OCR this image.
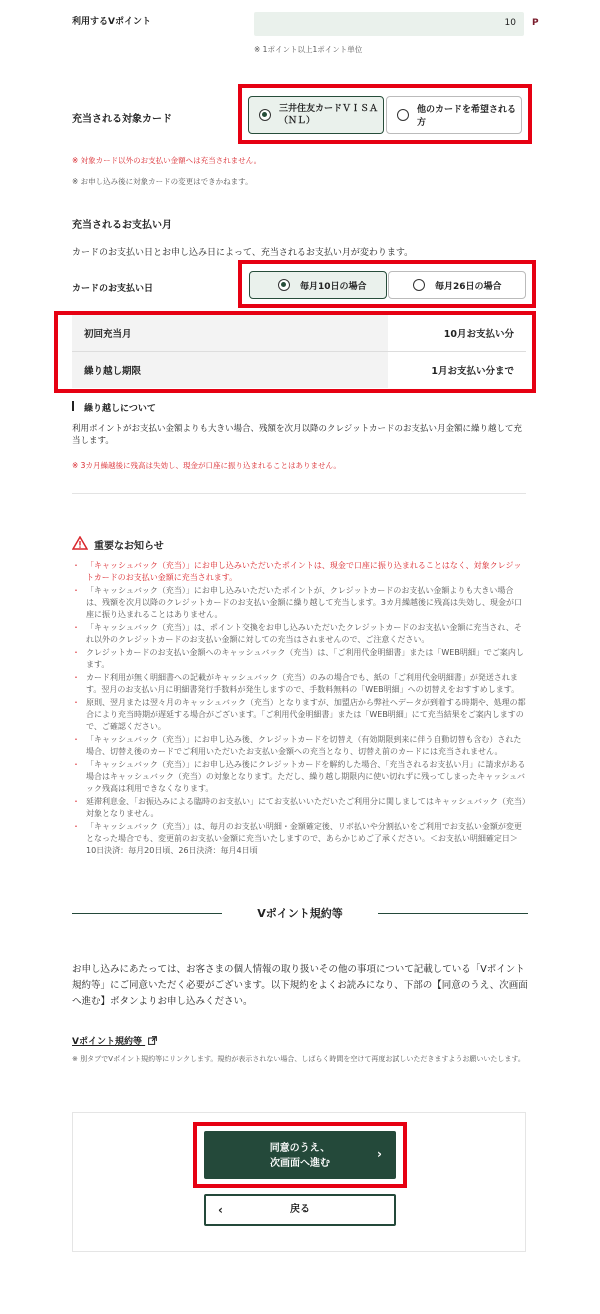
利用するVポイント	10 P
※ 1ポイント以上1ポイント単位
充当される対象カード
三井住友カードＶＩＳＡ（ＮＬ）
他のカードを希望される方
※ 対象カード以外のお支払い金額へは充当されません。
※ お申し込み後に対象カードの変更はできかねます。
充当されるお支払い月
カードのお支払い日とお申し込み日によって、充当されるお支払い月が変わります。
カードのお支払い日	毎月10日の場合	毎月26日の場合
初回充当月	10月お支払い分
繰り越し期限	1月お支払い分まで
繰り越しについて
利用ポイントがお支払い金額よりも大きい場合、残額を次月以降のクレジットカードのお支払い月金額に繰り越して充当します。
※ 3カ月繰越後に残高は失効し、現金が口座に振り込まれることはありません。
重要なお知らせ
・ 「キャッシュバック（充当）」にお申し込みいただいたポイントは、現金で口座に振り込まれることはなく、対象クレジットカードのお支払い金額に充当されます。
・ 「キャッシュバック（充当）」にお申し込みいただいたポイントが、クレジットカードのお支払い金額よりも大きい場合は、残額を次月以降のクレジットカードのお支払い金額に繰り越して充当します。3カ月繰越後に残高は失効し、現金が口座に振り込まれることはありません。
・ 「キャッシュバック（充当）」は、ポイント交換をお申し込みいただいたクレジットカードのお支払い金額に充当され、それ以外のクレジットカードのお支払い金額に対しての充当はされませんので、ご注意ください。
・ クレジットカードのお支払い金額へのキャッシュバック（充当）は、「ご利用代金明細書」または「WEB明細」でご案内します。
・ カード利用が無く明細書への記載がキャッシュバック（充当）のみの場合でも、紙の「ご利用代金明細書」が発送されます。翌月のお支払い月に明細書発行手数料が発生しますので、手数料無料の「WEB明細」への切替えをおすすめします。
・ 原則、翌月または翌々月のキャッシュバック（充当）となりますが、加盟店から弊社へデータが到着する時期や、処理の都合により充当時期が遅延する場合がございます。「ご利用代金明細書」または「WEB明細」にて充当結果をご案内しますので、ご確認ください。
・ 「キャッシュバック（充当）」にお申し込み後、クレジットカードを切替え（有効期限到来に伴う自動切替も含む）された場合、切替え後のカードでご利用いただいたお支払い金額への充当となり、切替え前のカードには充当されません。
・ 「キャッシュバック（充当）」にお申し込み後にクレジットカードを解約した場合、「充当されるお支払い月」に請求がある場合はキャッシュバック（充当）の対象となります。ただし、繰り越し期限内に使い切れずに残ってしまったキャッシュバック残高は利用できなくなります。
・ 延滞利息金、「お振込みによる臨時のお支払い」にてお支払いいただいたご利用分に関しましてはキャッシュバック（充当）対象となりません。
・ 「キャッシュバック（充当）」は、毎月のお支払い明細・金額確定後、リボ払いや分割払いをご利用でお支払い金額が変更となった場合でも、変更前のお支払い金額に充当いたしますので、あらかじめご了承ください。＜お支払い明細確定日＞10日決済：毎月20日頃、26日決済：毎月4日頃
Vポイント規約等
お申し込みにあたっては、お客さまの個人情報の取り扱いその他の事項について記載している「Vポイント規約等」にご同意いただく必要がございます。以下規約をよくお読みになり、下部の【同意のうえ、次画面へ進む】ボタンよりお申し込みください。
Vポイント規約等
※ 別タブでVポイント規約等にリンクします。規約が表示されない場合、しばらく時間を空けて再度お試しいただきますようお願いいたします。
同意のうえ、
次画面へ進む
›
‹	戻る
